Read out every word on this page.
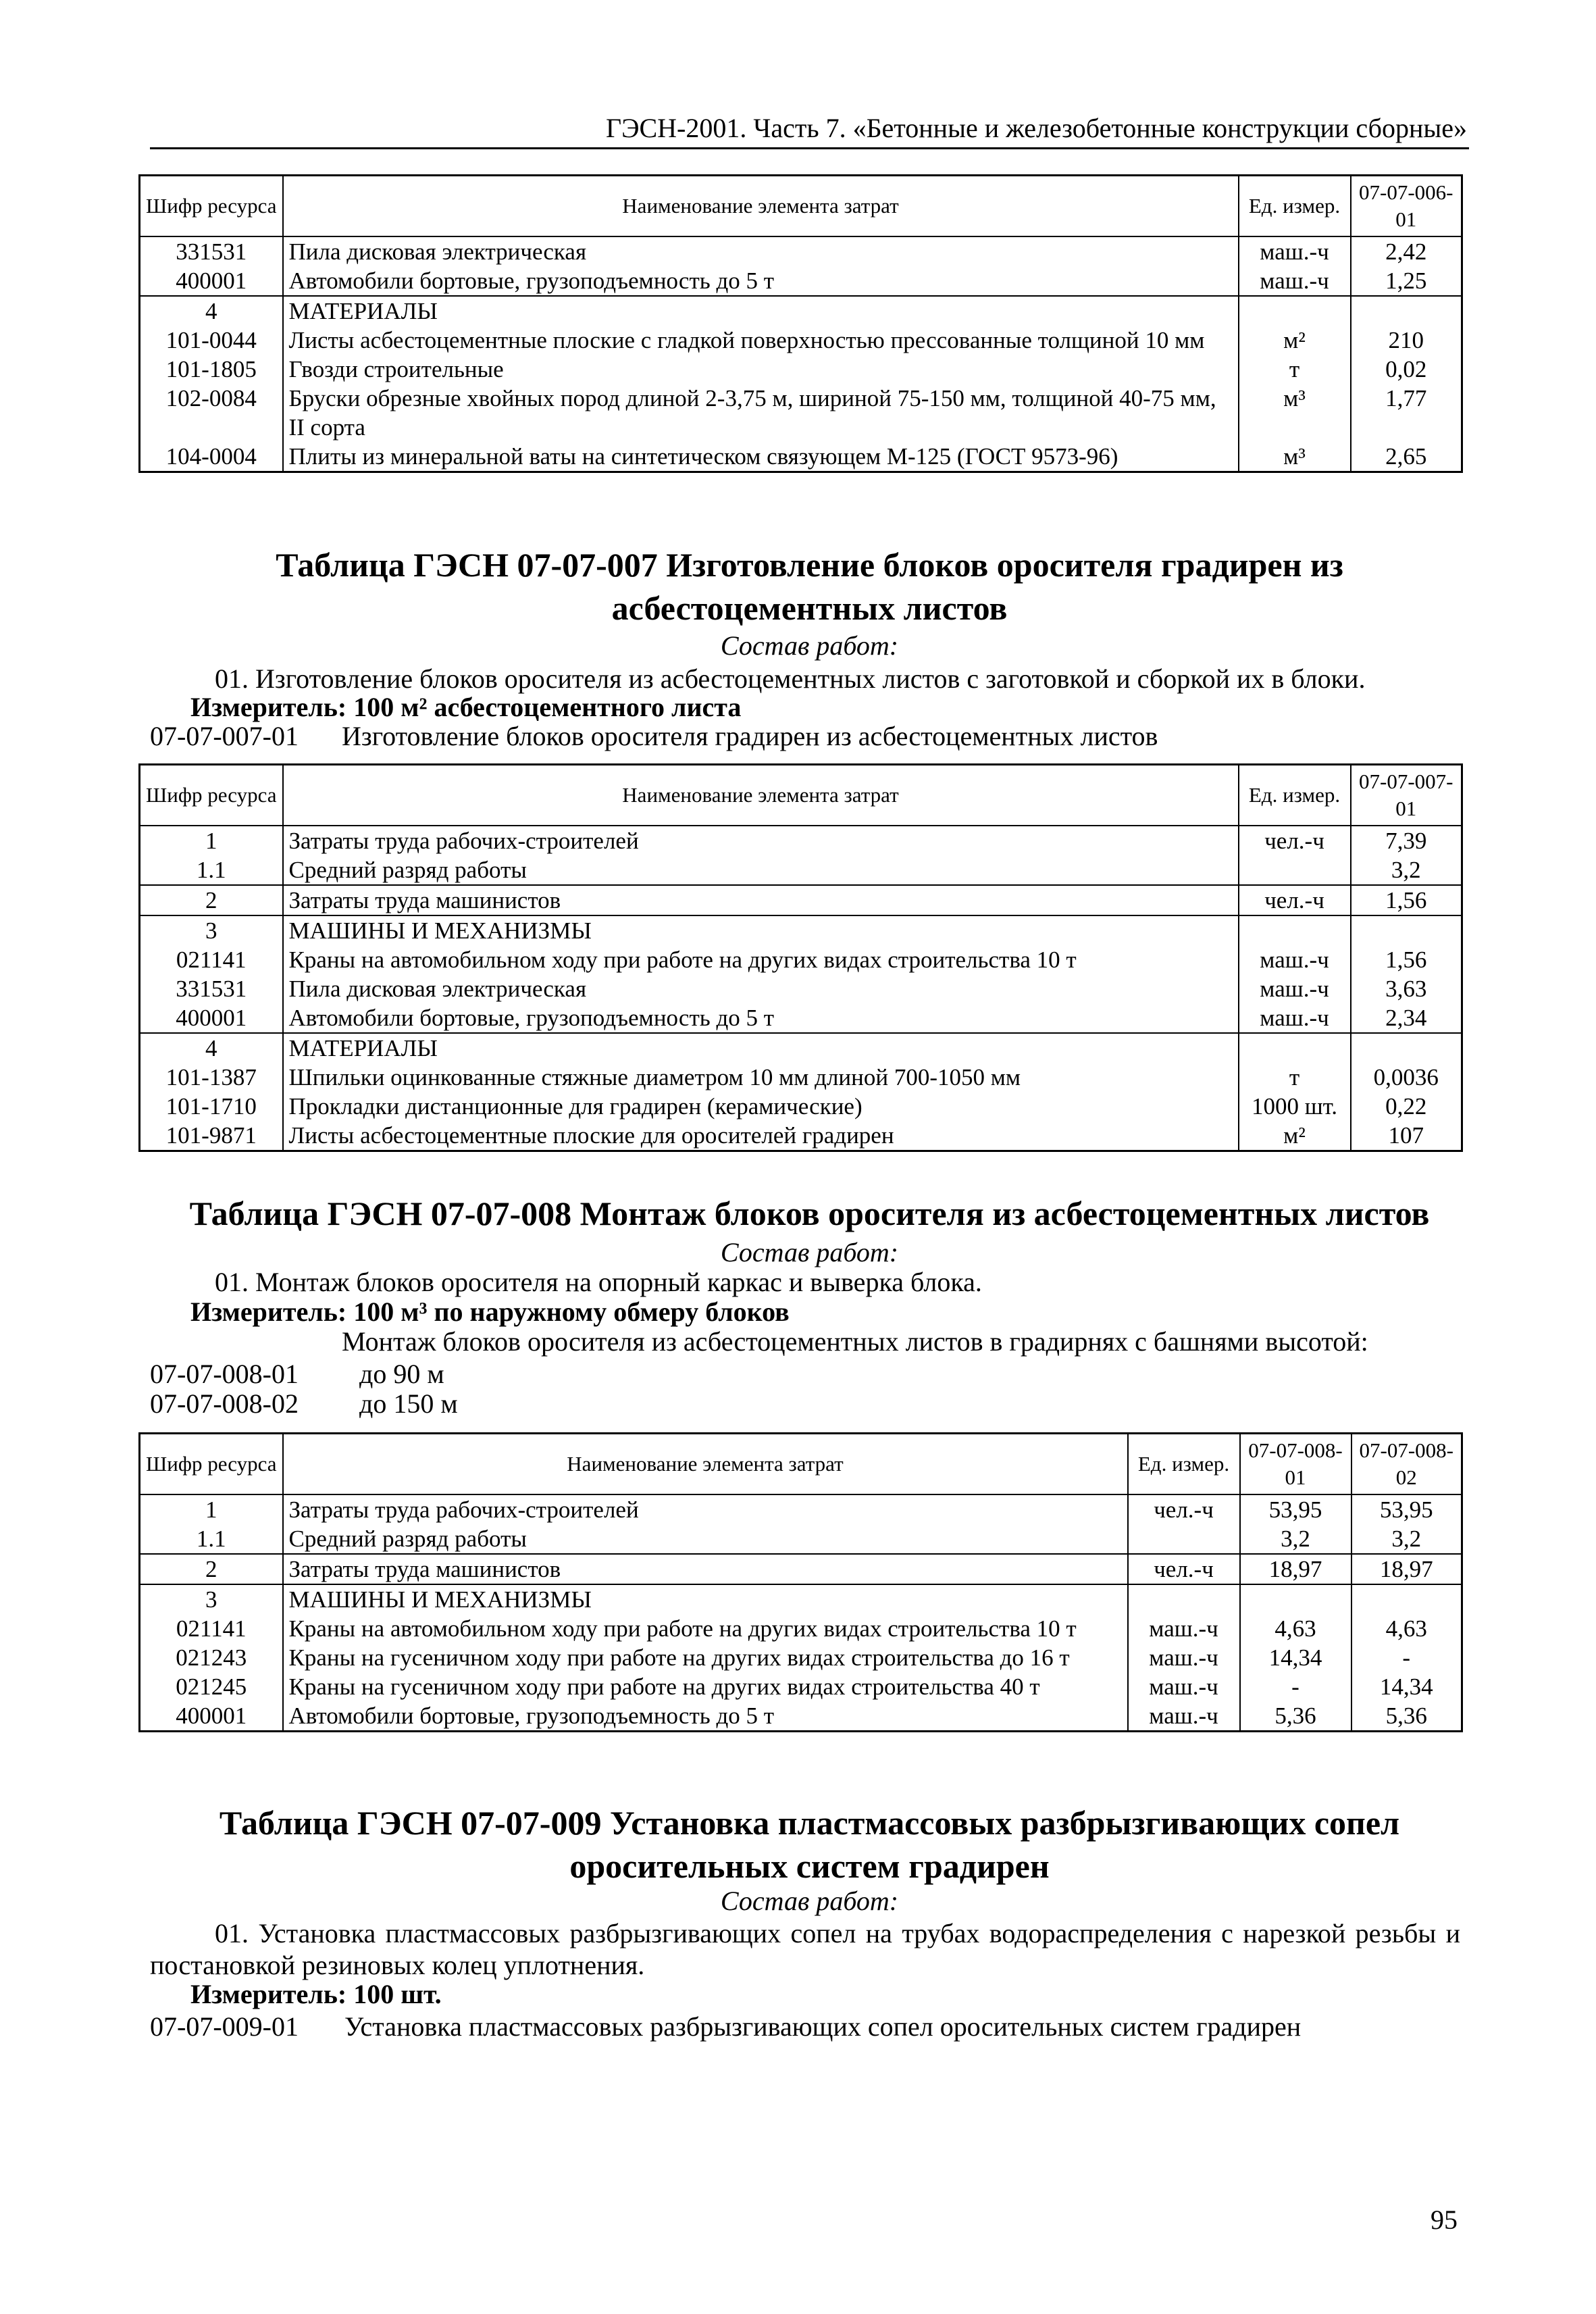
ГЭСН-2001. Часть 7. «Бетонные и железобетонные конструкции сборные»
Шифр ресурса	Наименование элемента затрат	Ед. измер.	07-07-006-01
331531	Пила дисковая электрическая	маш.-ч	2,42
400001	Автомобили бортовые, грузоподъемность до 5 т	маш.-ч	1,25
4	МАТЕРИАЛЫ		
101-0044	Листы асбестоцементные плоские с гладкой поверхностью прессованные толщиной 10 мм	м²	210
101-1805	Гвозди строительные	т	0,02
102-0084	Бруски обрезные хвойных пород длиной 2-3,75 м, шириной 75-150 мм, толщиной 40-75 мм, II сорта	м³	1,77
104-0004	Плиты из минеральной ваты на синтетическом связующем М-125 (ГОСТ 9573-96)	м³	2,65
Таблица ГЭСН 07-07-007 Изготовление блоков оросителя градирен из асбестоцементных листов
Состав работ:
01. Изготовление блоков оросителя из асбестоцементных листов с заготовкой и сборкой их в блоки.
Измеритель: 100 м² асбестоцементного листа
07-07-007-01 Изготовление блоков оросителя градирен из асбестоцементных листов
Шифр ресурса	Наименование элемента затрат	Ед. измер.	07-07-007-01
1	Затраты труда рабочих-строителей	чел.-ч	7,39
1.1	Средний разряд работы		3,2
2	Затраты труда машинистов	чел.-ч	1,56
3	МАШИНЫ И МЕХАНИЗМЫ		
021141	Краны на автомобильном ходу при работе на других видах строительства 10 т	маш.-ч	1,56
331531	Пила дисковая электрическая	маш.-ч	3,63
400001	Автомобили бортовые, грузоподъемность до 5 т	маш.-ч	2,34
4	МАТЕРИАЛЫ		
101-1387	Шпильки оцинкованные стяжные диаметром 10 мм длиной 700-1050 мм	т	0,0036
101-1710	Прокладки дистанционные для градирен (керамические)	1000 шт.	0,22
101-9871	Листы асбестоцементные плоские для оросителей градирен	м²	107
Таблица ГЭСН 07-07-008 Монтаж блоков оросителя из асбестоцементных листов
Состав работ:
01. Монтаж блоков оросителя на опорный каркас и выверка блока.
Измеритель: 100 м³ по наружному обмеру блоков
Монтаж блоков оросителя из асбестоцементных листов в градирнях с башнями высотой:
07-07-008-01 до 90 м
07-07-008-02 до 150 м
Шифр ресурса	Наименование элемента затрат	Ед. измер.	07-07-008-01	07-07-008-02
1	Затраты труда рабочих-строителей	чел.-ч	53,95	53,95
1.1	Средний разряд работы		3,2	3,2
2	Затраты труда машинистов	чел.-ч	18,97	18,97
3	МАШИНЫ И МЕХАНИЗМЫ			
021141	Краны на автомобильном ходу при работе на других видах строительства 10 т	маш.-ч	4,63	4,63
021243	Краны на гусеничном ходу при работе на других видах строительства до 16 т	маш.-ч	14,34	-
021245	Краны на гусеничном ходу при работе на других видах строительства 40 т	маш.-ч	-	14,34
400001	Автомобили бортовые, грузоподъемность до 5 т	маш.-ч	5,36	5,36
Таблица ГЭСН 07-07-009 Установка пластмассовых разбрызгивающих сопел оросительных систем градирен
Состав работ:
01. Установка пластмассовых разбрызгивающих сопел на трубах водораспределения с нарезкой резьбы и постановкой резиновых колец уплотнения.
Измеритель: 100 шт.
07-07-009-01 Установка пластмассовых разбрызгивающих сопел оросительных систем градирен
95
